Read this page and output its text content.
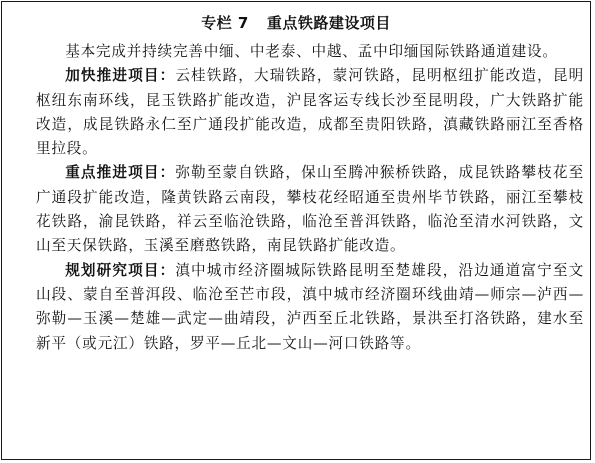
专栏 7 重点铁路建设项目

基本完成并持续完善中缅、中老泰、中越、孟中印缅国际铁路通道建设。

加快推进项目：云桂铁路，大瑞铁路，蒙河铁路，昆明枢纽扩能改造，昆明枢纽东南环线，昆玉铁路扩能改造，沪昆客运专线长沙至昆明段，广大铁路扩能改造，成昆铁路永仁至广通段扩能改造，成都至贵阳铁路，滇藏铁路丽江至香格里拉段。

重点推进项目：弥勒至蒙自铁路，保山至腾冲猴桥铁路，成昆铁路攀枝花至广通段扩能改造，隆黄铁路云南段，攀枝花经昭通至贵州毕节铁路，丽江至攀枝花铁路，渝昆铁路，祥云至临沧铁路，临沧至普洱铁路，临沧至清水河铁路，文山至天保铁路，玉溪至磨憨铁路，南昆铁路扩能改造。

规划研究项目：滇中城市经济圈城际铁路昆明至楚雄段，沿边通道富宁至文山段、蒙自至普洱段、临沧至芒市段，滇中城市经济圈环线曲靖—师宗—泸西—弥勒—玉溪—楚雄—武定—曲靖段，泸西至丘北铁路，景洪至打洛铁路，建水至新平（或元江）铁路，罗平—丘北—文山—河口铁路等。
